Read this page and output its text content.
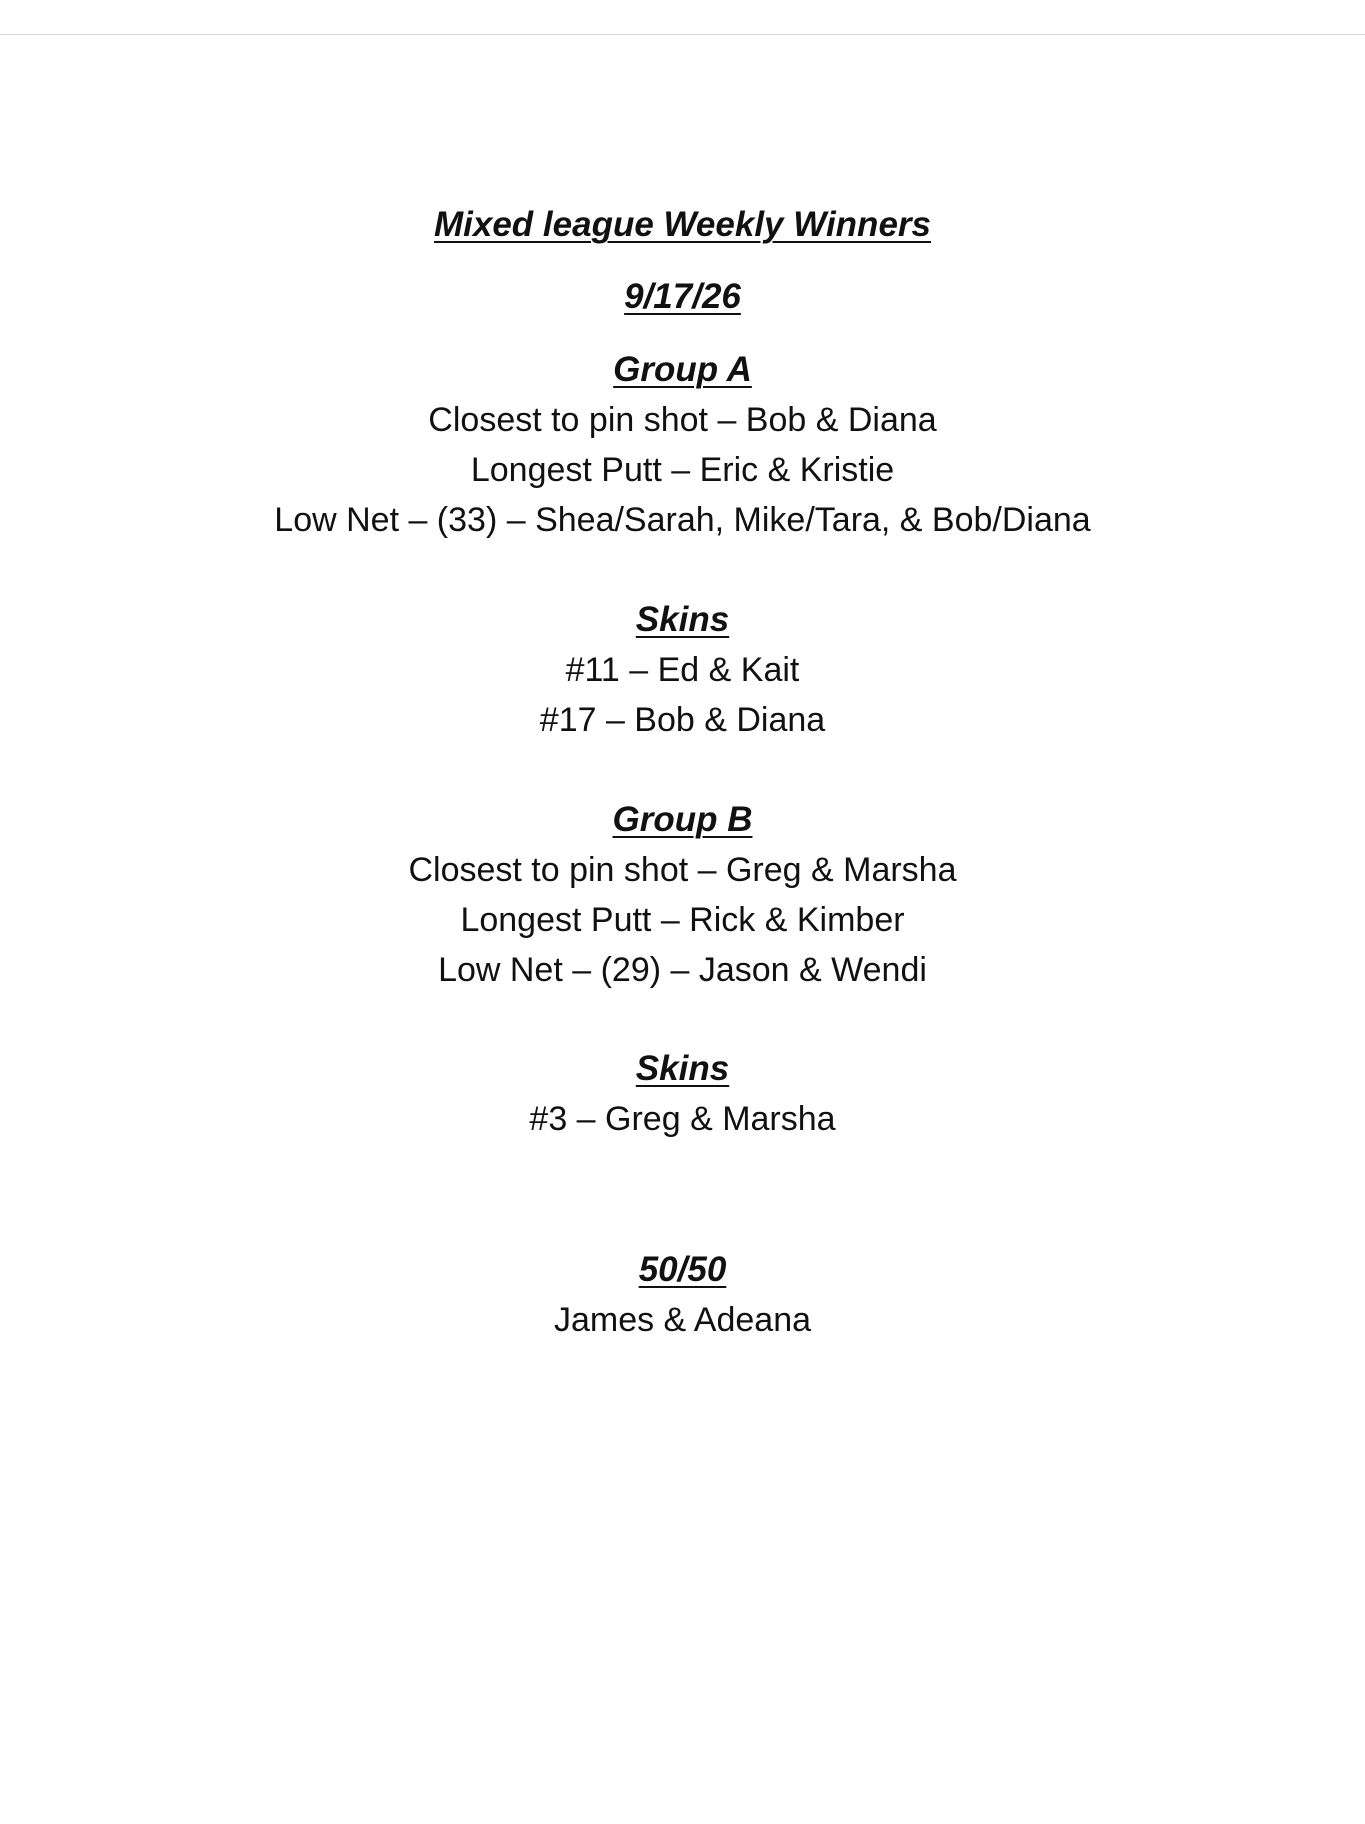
Mixed league Weekly Winners
9/17/26
Group A

Closest to pin shot – Bob & Diana

Longest Putt – Eric & Kristie

Low Net – (33) – Shea/Sarah, Mike/Tara, & Bob/Diana

Skins

#11 – Ed & Kait

#17 – Bob & Diana

Group B

Closest to pin shot – Greg & Marsha

Longest Putt – Rick & Kimber

Low Net – (29) – Jason & Wendi

Skins

#3 – Greg & Marsha

50/50

James & Adeana
